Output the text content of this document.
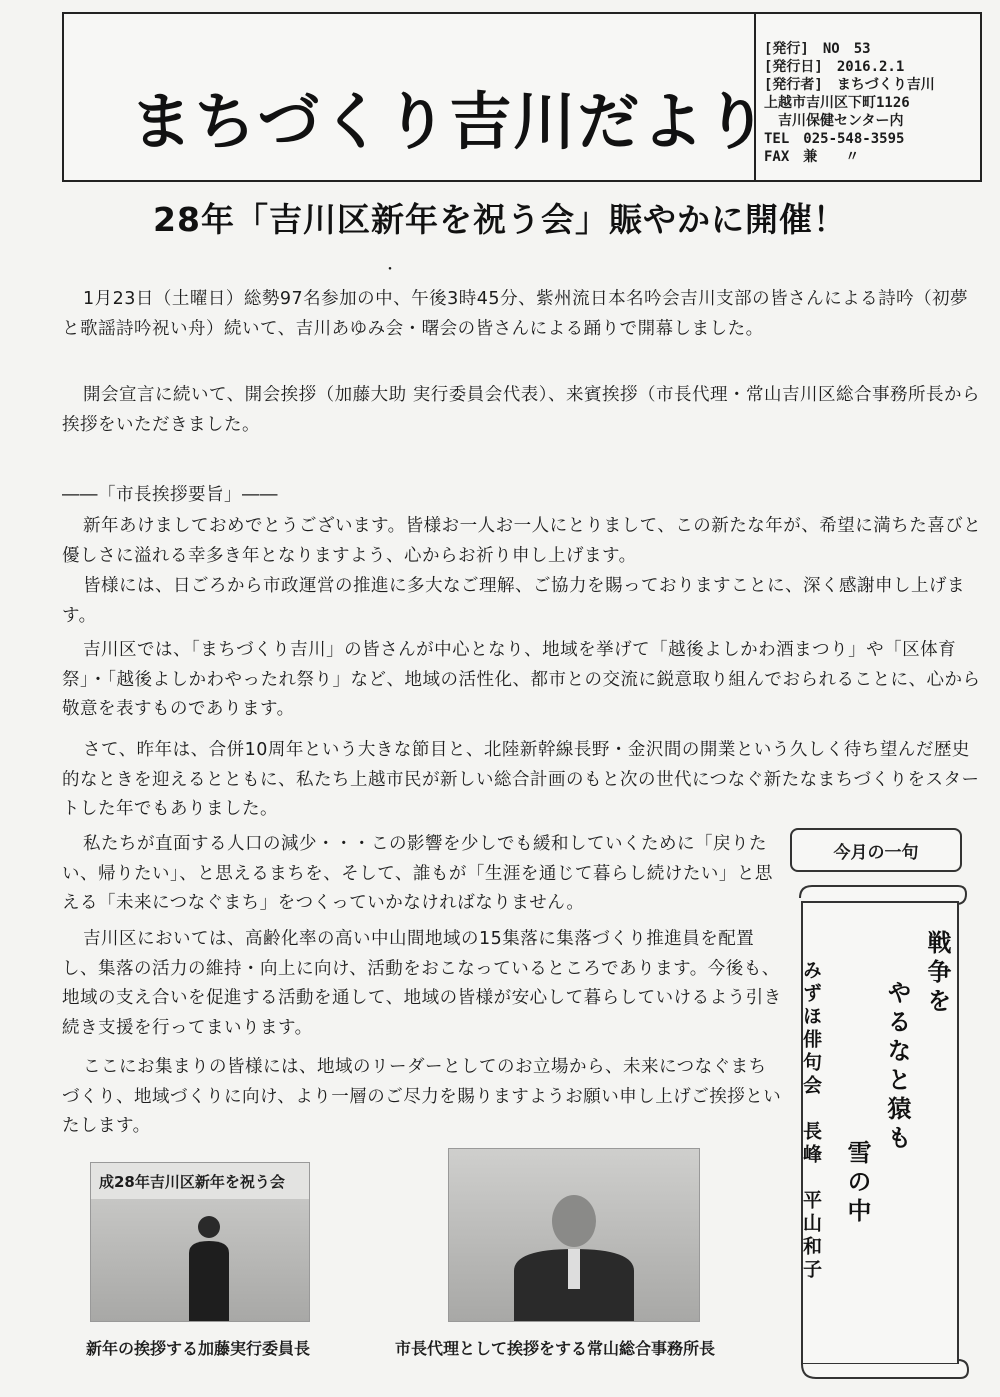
まちづくり吉川だより
[発行]　NO　53
[発行日]　2016.2.1
[発行者]　まちづくり吉川
上越市吉川区下町1126
　吉川保健センター内
TEL　025-548-3595
FAX　兼　　〃
28年「吉川区新年を祝う会」賑やかに開催！
・

1月23日（土曜日）総勢97名参加の中、午後3時45分、紫州流日本名吟会吉川支部の皆さんによる詩吟（初夢と歌謡詩吟祝い舟）続いて、吉川あゆみ会・曙会の皆さんによる踊りで開幕しました。

開会宣言に続いて、開会挨拶（加藤大助 実行委員会代表）、来賓挨拶（市長代理・常山吉川区総合事務所長から挨拶をいただきました。

――「市長挨拶要旨」――

新年あけましておめでとうございます。皆様お一人お一人にとりまして、この新たな年が、希望に満ちた喜びと優しさに溢れる幸多き年となりますよう、心からお祈り申し上げます。

皆様には、日ごろから市政運営の推進に多大なご理解、ご協力を賜っておりますことに、深く感謝申し上げます。

吉川区では、「まちづくり吉川」の皆さんが中心となり、地域を挙げて「越後よしかわ酒まつり」や「区体育祭」・「越後よしかわやったれ祭り」など、地域の活性化、都市との交流に鋭意取り組んでおられることに、心から敬意を表すものであります。

さて、昨年は、合併10周年という大きな節目と、北陸新幹線長野・金沢間の開業という久しく待ち望んだ歴史的なときを迎えるとともに、私たち上越市民が新しい総合計画のもと次の世代につなぐ新たなまちづくりをスタートした年でもありました。

私たちが直面する人口の減少・・・この影響を少しでも緩和していくために「戻りたい、帰りたい」、と思えるまちを、そして、誰もが「生涯を通じて暮らし続けたい」と思える「未来につなぐまち」をつくっていかなければなりません。

吉川区においては、高齢化率の高い中山間地域の15集落に集落づくり推進員を配置し、集落の活力の維持・向上に向け、活動をおこなっているところであります。今後も、地域の支え合いを促進する活動を通して、地域の皆様が安心して暮らしていけるよう引き続き支援を行ってまいります。

ここにお集まりの皆様には、地域のリーダーとしてのお立場から、未来につなぐまちづくり、地域づくりに向け、より一層のご尽力を賜りますようお願い申し上げご挨拶といたします。

今月の一句
戦争を
やるなと猿も
雪の中
みずほ俳句会　長峰　平山和子
成28年吉川区新年を祝う会
新年の挨拶する加藤実行委員長	市長代理として挨拶をする常山総合事務所長
